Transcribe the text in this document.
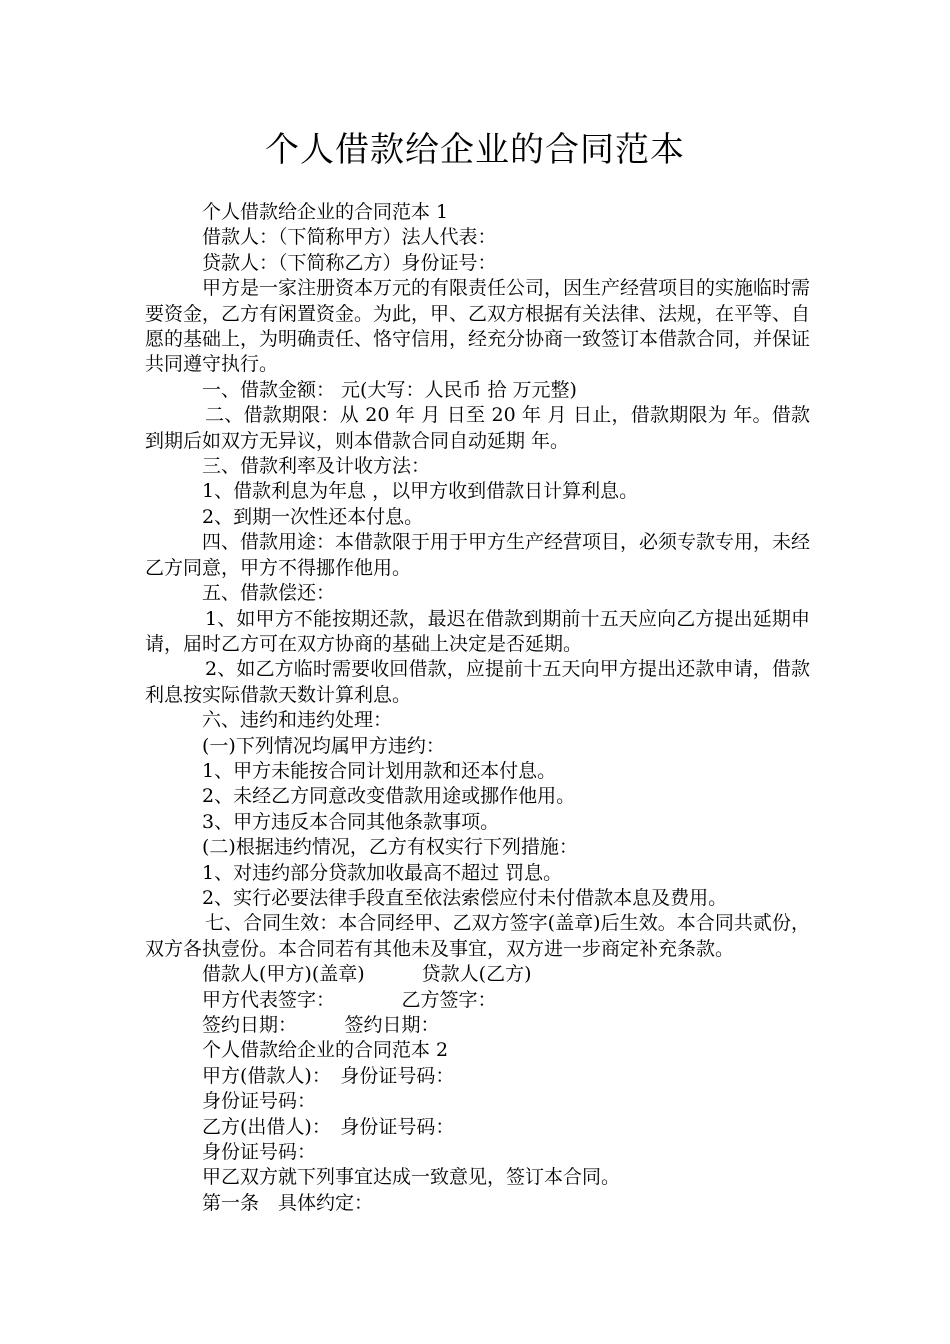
个人借款给企业的合同范本

个人借款给企业的合同范本 1

借款人：（下简称甲方）法人代表：

贷款人：（下简称乙方）身份证号：

甲方是一家注册资本万元的有限责任公司，因生产经营项目的实施临时需要资金，乙方有闲置资金。为此，甲、乙双方根据有关法律、法规，在平等、自愿的基础上，为明确责任、恪守信用，经充分协商一致签订本借款合同，并保证共同遵守执行。

一、借款金额： 元(大写：人民币 拾 万元整)

二、借款期限：从 20 年 月 日至 20 年 月 日止，借款期限为 年。借款到期后如双方无异议，则本借款合同自动延期 年。

三、借款利率及计收方法：

1、借款利息为年息 ，以甲方收到借款日计算利息。

2、到期一次性还本付息。

四、借款用途：本借款限于用于甲方生产经营项目，必须专款专用，未经乙方同意，甲方不得挪作他用。

五、借款偿还：

1、如甲方不能按期还款，最迟在借款到期前十五天应向乙方提出延期申请，届时乙方可在双方协商的基础上决定是否延期。

2、如乙方临时需要收回借款，应提前十五天向甲方提出还款申请，借款利息按实际借款天数计算利息。

六、违约和违约处理：

(一)下列情况均属甲方违约：

1、甲方未能按合同计划用款和还本付息。

2、未经乙方同意改变借款用途或挪作他用。

3、甲方违反本合同其他条款事项。

(二)根据违约情况，乙方有权实行下列措施：

1、对违约部分贷款加收最高不超过 罚息。

2、实行必要法律手段直至依法索偿应付未付借款本息及费用。

七、合同生效：本合同经甲、乙双方签字(盖章)后生效。本合同共贰份，双方各执壹份。本合同若有其他未及事宜，双方进一步商定补充条款。

借款人(甲方)(盖章)　　　贷款人(乙方)

甲方代表签字：　　　　乙方签字：

签约日期：　　　签约日期：

个人借款给企业的合同范本 2

甲方(借款人)：　身份证号码：

身份证号码：

乙方(出借人)：　身份证号码：

身份证号码：

甲乙双方就下列事宜达成一致意见，签订本合同。

第一条　具体约定：
